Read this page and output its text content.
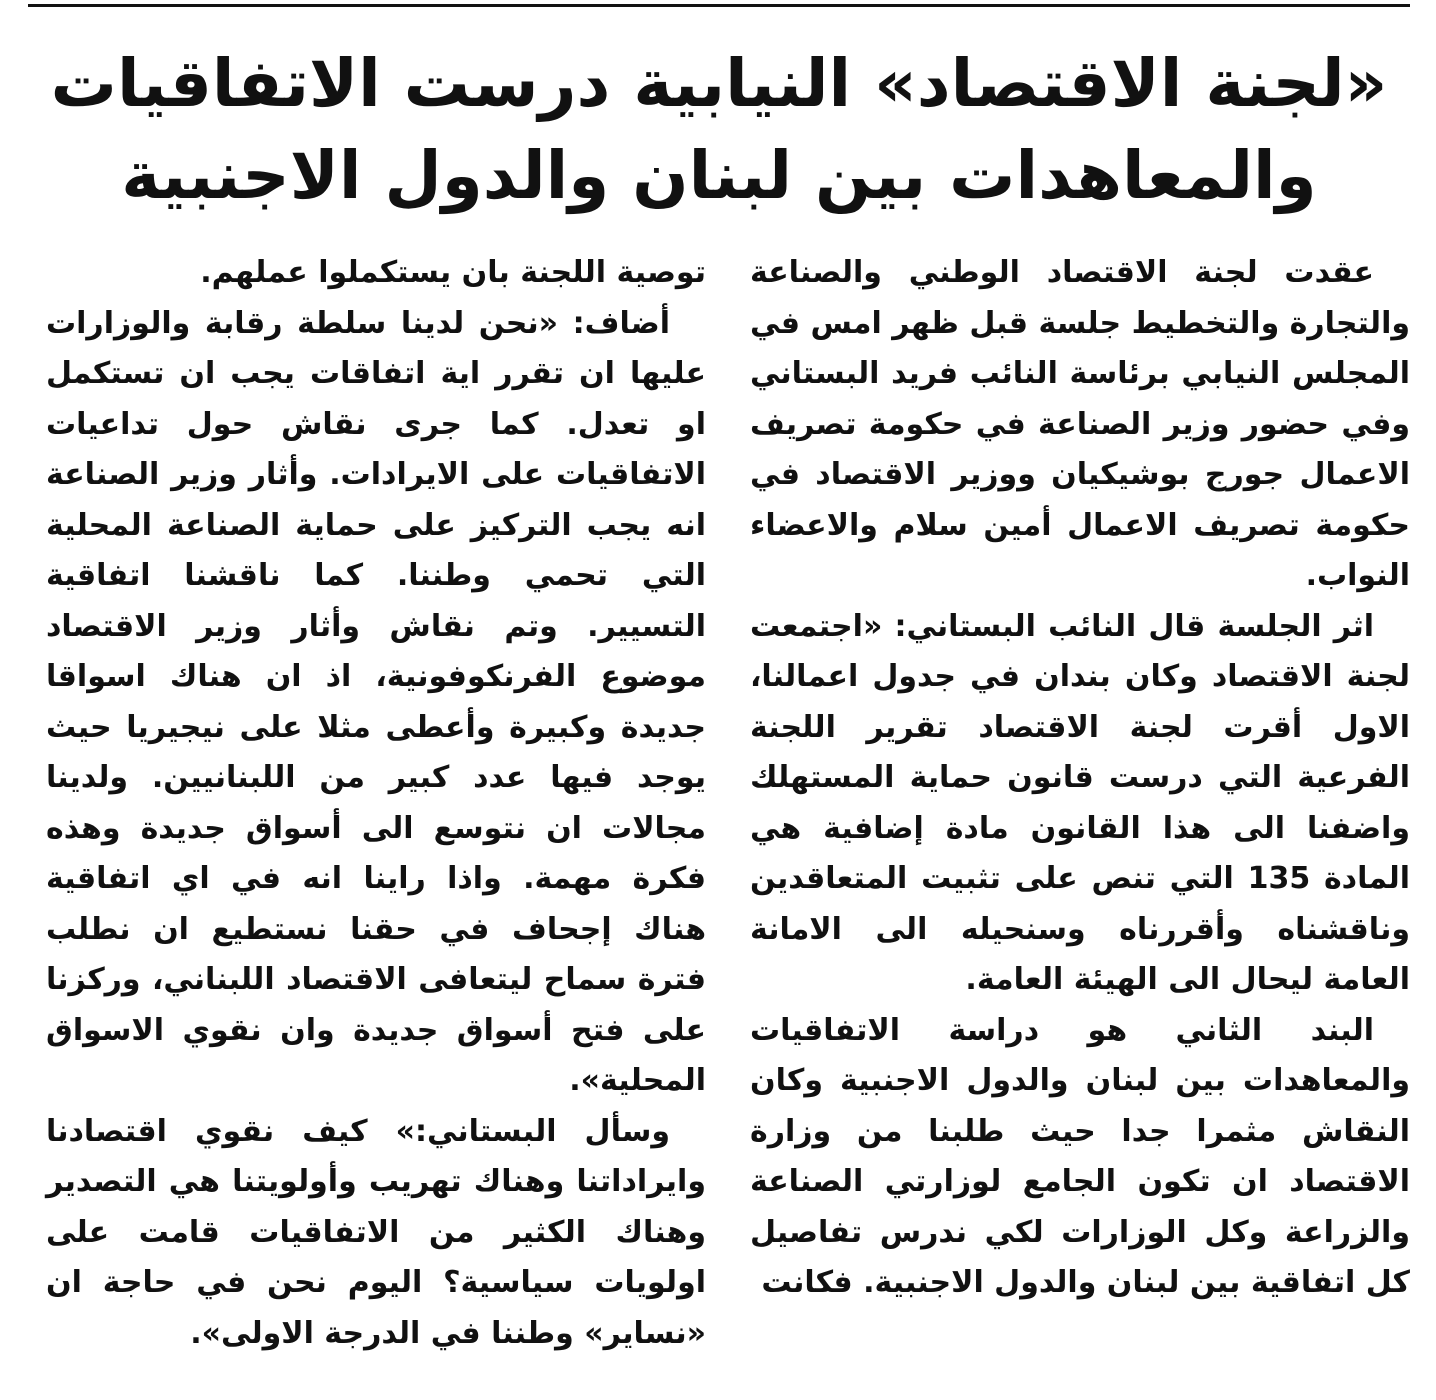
«لجنة الاقتصاد» النيابية درست الاتفاقيات
والمعاهدات بين لبنان والدول الاجنبية

عقدت لجنة الاقتصاد الوطني والصناعة والتجارة والتخطيط جلسة قبل ظهر امس في المجلس النيابي برئاسة النائب فريد البستاني وفي حضور وزير الصناعة في حكومة تصريف الاعمال جورج بوشيكيان ووزير الاقتصاد في حكومة تصريف الاعمال أمين سلام والاعضاء النواب.

اثر الجلسة قال النائب البستاني: «اجتمعت لجنة الاقتصاد وكان بندان في جدول اعمالنا، الاول أقرت لجنة الاقتصاد تقرير اللجنة الفرعية التي درست قانون حماية المستهلك واضفنا الى هذا القانون مادة إضافية هي المادة 135 التي تنص على تثبيت المتعاقدين وناقشناه وأقررناه وسنحيله الى الامانة العامة ليحال الى الهيئة العامة.

البند الثاني هو دراسة الاتفاقيات والمعاهدات بين لبنان والدول الاجنبية وكان النقاش مثمرا جدا حيث طلبنا من وزارة الاقتصاد ان تكون الجامع لوزارتي الصناعة والزراعة وكل الوزارات لكي ندرس تفاصيل كل اتفاقية بين لبنان والدول الاجنبية. فكانت

توصية اللجنة بان يستكملوا عملهم.

أضاف: «نحن لدينا سلطة رقابة والوزارات عليها ان تقرر اية اتفاقات يجب ان تستكمل او تعدل. كما جرى نقاش حول تداعيات الاتفاقيات على الايرادات. وأثار وزير الصناعة انه يجب التركيز على حماية الصناعة المحلية التي تحمي وطننا. كما ناقشنا اتفاقية التسيير. وتم نقاش وأثار وزير الاقتصاد موضوع الفرنكوفونية، اذ ان هناك اسواقا جديدة وكبيرة وأعطى مثلا على نيجيريا حيث يوجد فيها عدد كبير من اللبنانيين. ولدينا مجالات ان نتوسع الى أسواق جديدة وهذه فكرة مهمة. واذا راينا انه في اي اتفاقية هناك إجحاف في حقنا نستطيع ان نطلب فترة سماح ليتعافى الاقتصاد اللبناني، وركزنا على فتح أسواق جديدة وان نقوي الاسواق المحلية».

وسأل البستاني:» كيف نقوي اقتصادنا وايراداتنا وهناك تهريب وأولويتنا هي التصدير وهناك الكثير من الاتفاقيات قامت على اولويات سياسية؟ اليوم نحن في حاجة ان «نساير» وطننا في الدرجة الاولى».
